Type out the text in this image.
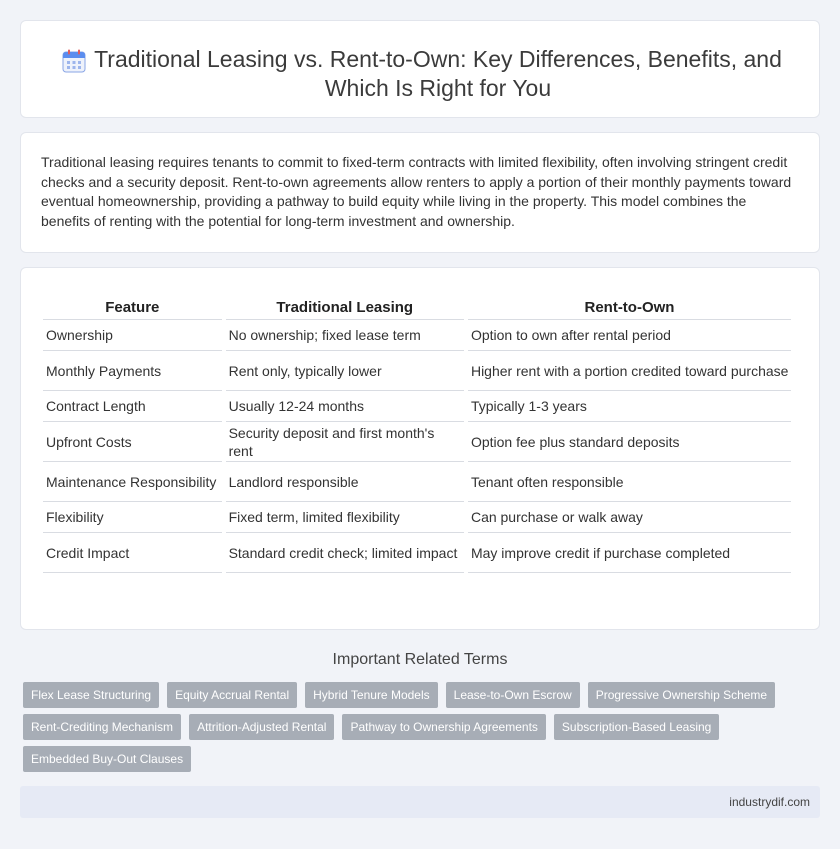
Traditional Leasing vs. Rent-to-Own: Key Differences, Benefits, and Which Is Right for You

Traditional leasing requires tenants to commit to fixed-term contracts with limited flexibility, often involving stringent credit checks and a security deposit. Rent-to-own agreements allow renters to apply a portion of their monthly payments toward eventual homeownership, providing a pathway to build equity while living in the property. This model combines the benefits of renting with the potential for long-term investment and ownership.

Feature	Traditional Leasing	Rent-to-Own
Ownership	No ownership; fixed lease term	Option to own after rental period
Monthly Payments	Rent only, typically lower	Higher rent with a portion credited toward purchase
Contract Length	Usually 12-24 months	Typically 1-3 years
Upfront Costs	Security deposit and first month's rent	Option fee plus standard deposits
Maintenance Responsibility	Landlord responsible	Tenant often responsible
Flexibility	Fixed term, limited flexibility	Can purchase or walk away
Credit Impact	Standard credit check; limited impact	May improve credit if purchase completed
Important Related Terms
Flex Lease Structuring	Equity Accrual Rental	Hybrid Tenure Models	Lease-to-Own Escrow	Progressive Ownership Scheme
Rent-Crediting Mechanism	Attrition-Adjusted Rental	Pathway to Ownership Agreements	Subscription-Based Leasing
Embedded Buy-Out Clauses
industrydif.com
